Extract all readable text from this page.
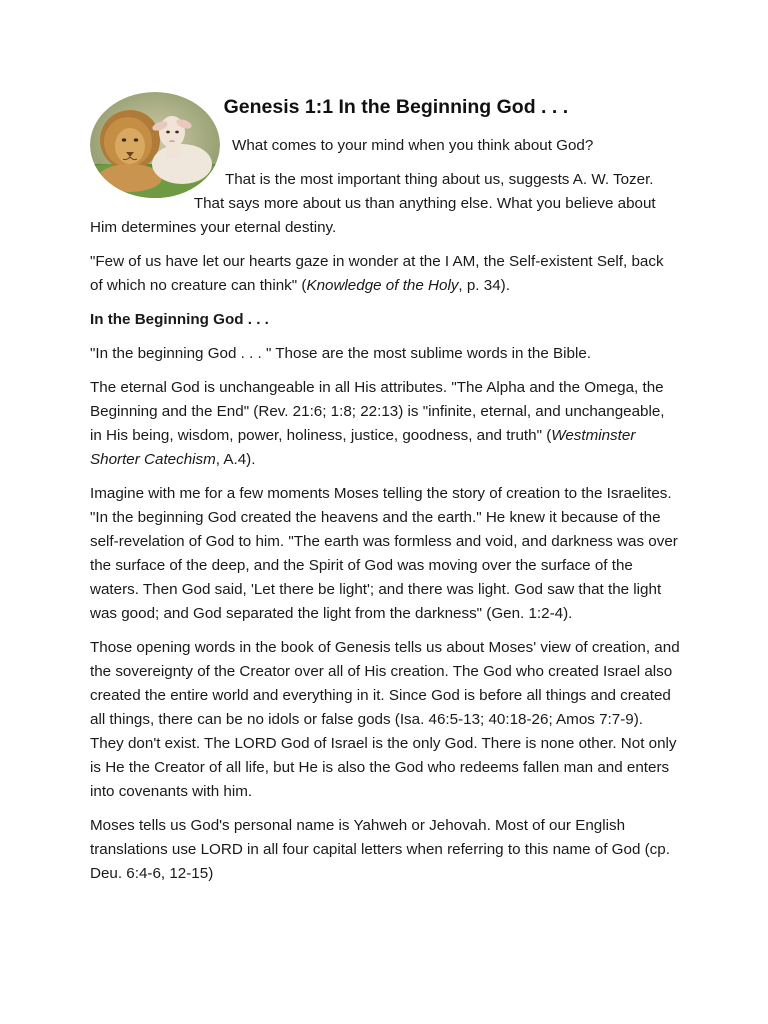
Genesis 1:1 In the Beginning God . . .

What comes to your mind when you think about God?

That is the most important thing about us, suggests A. W. Tozer. That says more about us than anything else. What you believe about Him determines your eternal destiny.

"Few of us have let our hearts gaze in wonder at the I AM, the Self-existent Self, back of which no creature can think" (Knowledge of the Holy, p. 34).

In the Beginning God . . .

"In the beginning God . . . " Those are the most sublime words in the Bible.

The eternal God is unchangeable in all His attributes. "The Alpha and the Omega, the Beginning and the End" (Rev. 21:6; 1:8; 22:13) is "infinite, eternal, and unchangeable, in His being, wisdom, power, holiness, justice, goodness, and truth" (Westminster Shorter Catechism, A.4).

Imagine with me for a few moments Moses telling the story of creation to the Israelites. "In the beginning God created the heavens and the earth." He knew it because of the self-revelation of God to him. "The earth was formless and void, and darkness was over the surface of the deep, and the Spirit of God was moving over the surface of the waters. Then God said, 'Let there be light'; and there was light. God saw that the light was good; and God separated the light from the darkness" (Gen. 1:2-4).

Those opening words in the book of Genesis tells us about Moses' view of creation, and the sovereignty of the Creator over all of His creation. The God who created Israel also created the entire world and everything in it. Since God is before all things and created all things, there can be no idols or false gods (Isa. 46:5-13; 40:18-26; Amos 7:7-9). They don't exist. The LORD God of Israel is the only God. There is none other. Not only is He the Creator of all life, but He is also the God who redeems fallen man and enters into covenants with him.

Moses tells us God's personal name is Yahweh or Jehovah. Most of our English translations use LORD in all four capital letters when referring to this name of God (cp. Deu. 6:4-6, 12-15)
